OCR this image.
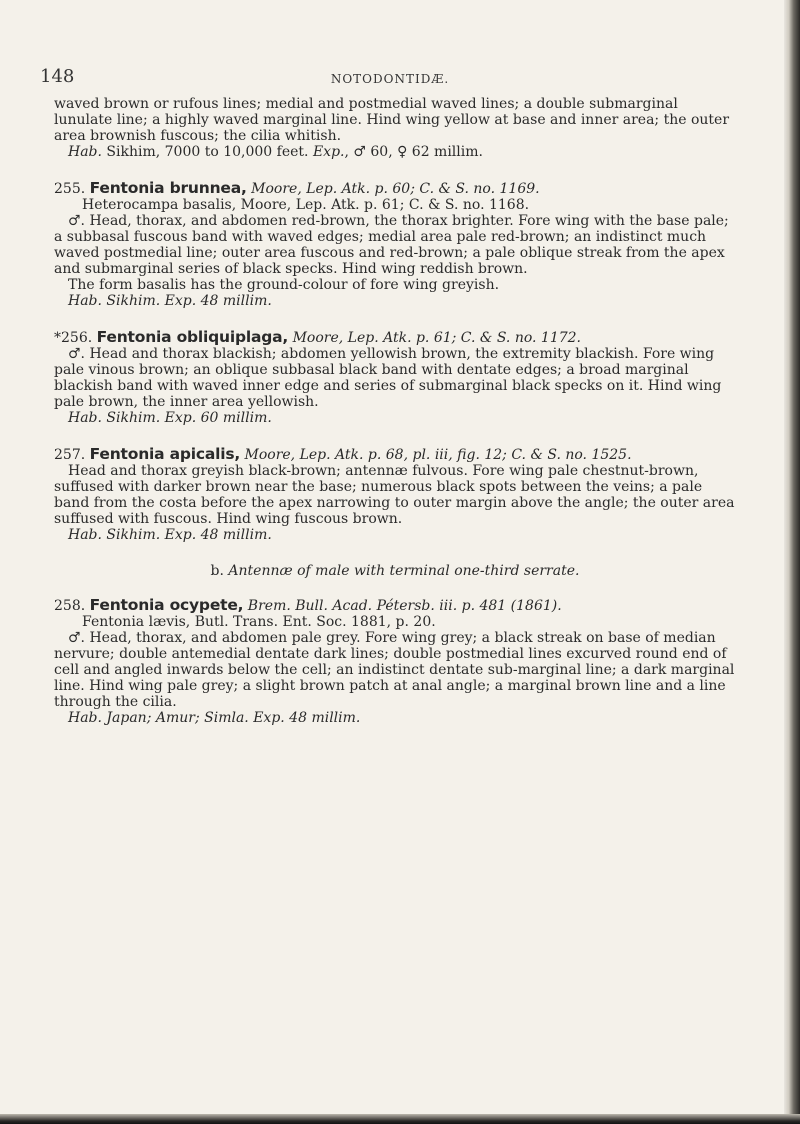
148	NOTODONTIDÆ.

waved brown or rufous lines; medial and postmedial waved lines; a double submarginal lunulate line; a highly waved marginal line. Hind wing yellow at base and inner area; the outer area brownish fuscous; the cilia whitish.

Hab. Sikhim, 7000 to 10,000 feet. Exp., ♂ 60, ♀ 62 millim.

255. Fentonia brunnea, Moore, Lep. Atk. p. 60; C. & S. no. 1169.

Heterocampa basalis, Moore, Lep. Atk. p. 61; C. & S. no. 1168.

♂. Head, thorax, and abdomen red-brown, the thorax brighter. Fore wing with the base pale; a subbasal fuscous band with waved edges; medial area pale red-brown; an indistinct much waved postmedial line; outer area fuscous and red-brown; a pale oblique streak from the apex and submarginal series of black specks. Hind wing reddish brown.

The form basalis has the ground-colour of fore wing greyish.

Hab. Sikhim. Exp. 48 millim.

*256. Fentonia obliquiplaga, Moore, Lep. Atk. p. 61; C. & S. no. 1172.

♂. Head and thorax blackish; abdomen yellowish brown, the extremity blackish. Fore wing pale vinous brown; an oblique subbasal black band with dentate edges; a broad marginal blackish band with waved inner edge and series of submarginal black specks on it. Hind wing pale brown, the inner area yellowish.

Hab. Sikhim. Exp. 60 millim.

257. Fentonia apicalis, Moore, Lep. Atk. p. 68, pl. iii, fig. 12; C. & S. no. 1525.

Head and thorax greyish black-brown; antennæ fulvous. Fore wing pale chestnut-brown, suffused with darker brown near the base; numerous black spots between the veins; a pale band from the costa before the apex narrowing to outer margin above the angle; the outer area suffused with fuscous. Hind wing fuscous brown.

Hab. Sikhim. Exp. 48 millim.

b. Antennæ of male with terminal one-third serrate.

258. Fentonia ocypete, Brem. Bull. Acad. Pétersb. iii. p. 481 (1861).

Fentonia lævis, Butl. Trans. Ent. Soc. 1881, p. 20.

♂. Head, thorax, and abdomen pale grey. Fore wing grey; a black streak on base of median nervure; double antemedial dentate dark lines; double postmedial lines excurved round end of cell and angled inwards below the cell; an indistinct dentate sub-marginal line; a dark marginal line. Hind wing pale grey; a slight brown patch at anal angle; a marginal brown line and a line through the cilia.

Hab. Japan; Amur; Simla. Exp. 48 millim.
